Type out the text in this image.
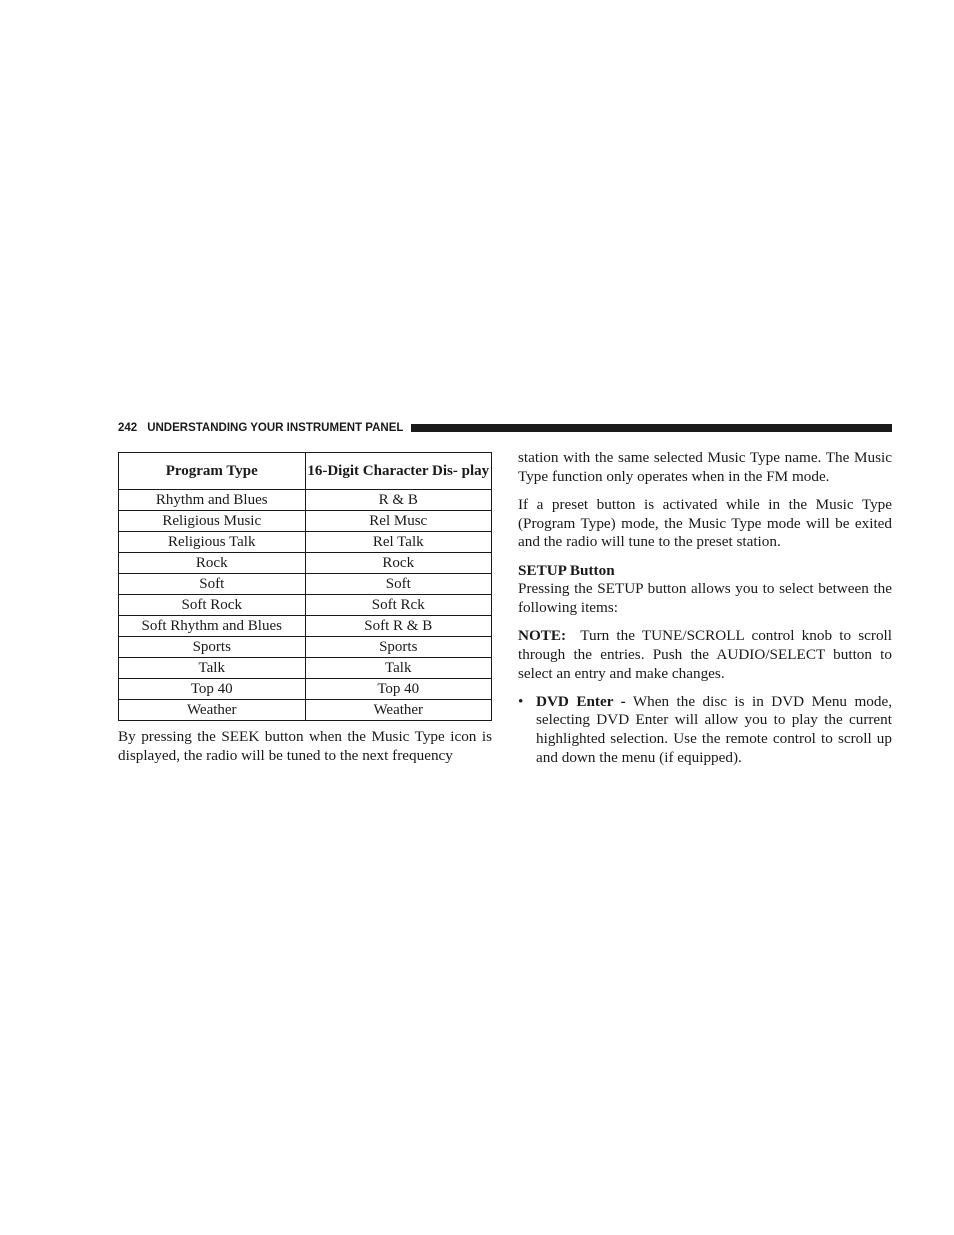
242 UNDERSTANDING YOUR INSTRUMENT PANEL
Program Type	16-Digit Character Dis- play
Rhythm and Blues	R & B
Religious Music	Rel Musc
Religious Talk	Rel Talk
Rock	Rock
Soft	Soft
Soft Rock	Soft Rck
Soft Rhythm and Blues	Soft R & B
Sports	Sports
Talk	Talk
Top 40	Top 40
Weather	Weather
By pressing the SEEK button when the Music Type icon is displayed, the radio will be tuned to the next frequency

station with the same selected Music Type name. The Music Type function only operates when in the FM mode.

If a preset button is activated while in the Music Type (Program Type) mode, the Music Type mode will be exited and the radio will tune to the preset station.

SETUP Button

Pressing the SETUP button allows you to select between the following items:

NOTE: Turn the TUNE/SCROLL control knob to scroll through the entries. Push the AUDIO/SELECT button to select an entry and make changes.

• DVD Enter - When the disc is in DVD Menu mode, selecting DVD Enter will allow you to play the current highlighted selection. Use the remote control to scroll up and down the menu (if equipped).
